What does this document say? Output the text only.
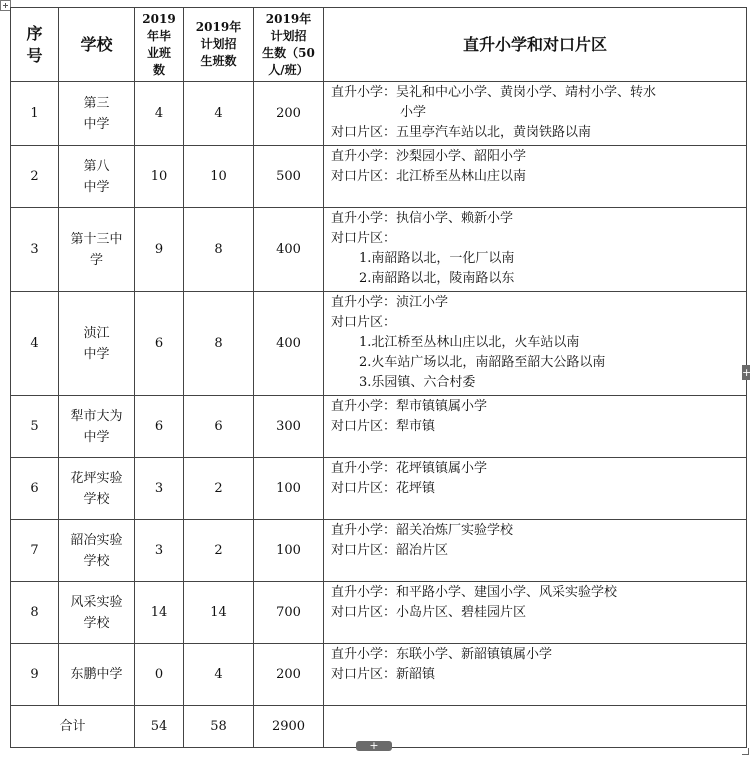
序
号	学校	2019
年毕
业班
数	2019年
计划招
生班数	2019年
计划招
生数（50
人/班）	直升小学和对口片区
1	第三
中学	4	4	200	直升小学：吴礼和中心小学、黄岗小学、靖村小学、转水
小学
对口片区：五里亭汽车站以北，黄岗铁路以南

2	第八
中学	10	10	500	直升小学：沙梨园小学、韶阳小学
对口片区：北江桥至丛林山庄以南

3	第十三中
学	9	8	400	直升小学：执信小学、赖新小学
对口片区：
1.南韶路以北，一化厂以南
2.南韶路以北，陵南路以东

4	浈江
中学	6	8	400	直升小学：浈江小学
对口片区：
1.北江桥至丛林山庄以北，火车站以南
2.火车站广场以北，南韶路至韶大公路以南
3.乐园镇、六合村委

5	犁市大为
中学	6	6	300	直升小学：犁市镇镇属小学
对口片区：犁市镇

6	花坪实验
学校	3	2	100	直升小学：花坪镇镇属小学
对口片区：花坪镇

7	韶冶实验
学校	3	2	100	直升小学：韶关冶炼厂实验学校
对口片区：韶冶片区

8	风采实验
学校	14	14	700	直升小学：和平路小学、建国小学、风采实验学校
对口片区：小岛片区、碧桂园片区

9	东鹏中学	0	4	200	直升小学：东联小学、新韶镇镇属小学
对口片区：新韶镇

合计		54	58	2900	
+
+
